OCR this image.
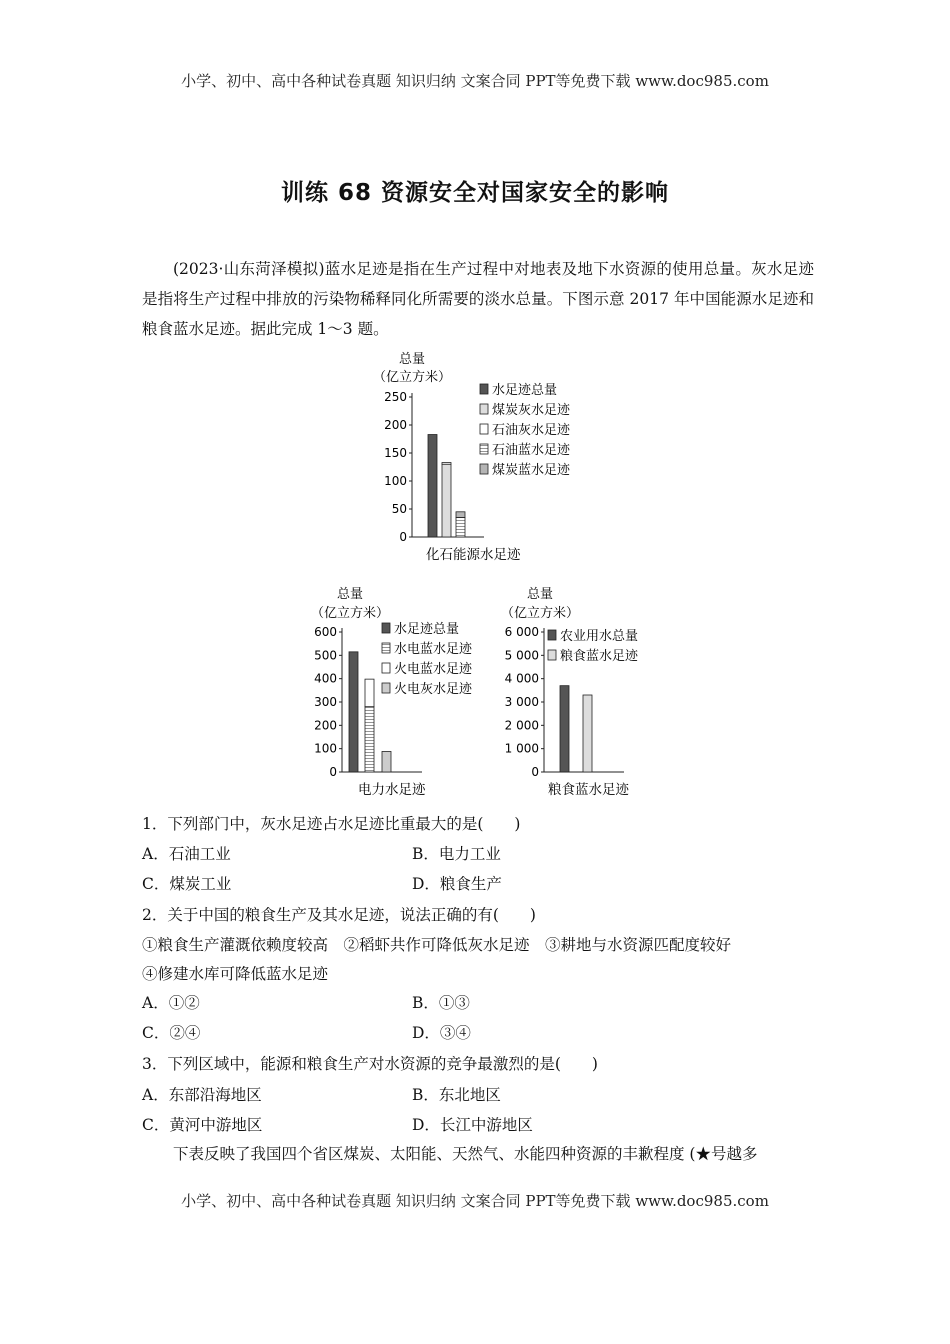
小学、初中、高中各种试卷真题 知识归纳 文案合同 PPT等免费下载 www.doc985.com
训练 68 资源安全对国家安全的影响
(2023·山东菏泽模拟)蓝水足迹是指在生产过程中对地表及地下水资源的使用总量。灰水足迹是指将生产过程中排放的污染物稀释同化所需要的淡水总量。下图示意 2017 年中国能源水足迹和粮食蓝水足迹。据此完成 1～3 题。
总量
（亿立方米）
0
50
100
150
200
250	水足迹总量
煤炭灰水足迹
石油灰水足迹
石油蓝水足迹
煤炭蓝水足迹
化石能源水足迹
总量
（亿立方米）
0
100
200
300
400
500
600	水足迹总量
水电蓝水足迹
火电蓝水足迹
火电灰水足迹
电力水足迹
总量
（亿立方米）
0
1 000
2 000
3 000
4 000
5 000
6 000 农业用水总量
粮食蓝水足迹
粮食蓝水足迹
1．下列部门中，灰水足迹占水足迹比重最大的是(　　)
A．石油工业	B．电力工业
C．煤炭工业	D．粮食生产
2．关于中国的粮食生产及其水足迹，说法正确的有(　　)
①粮食生产灌溉依赖度较高　②稻虾共作可降低灰水足迹　③耕地与水资源匹配度较好
④修建水库可降低蓝水足迹
A．①②	B．①③
C．②④	D．③④
3．下列区域中，能源和粮食生产对水资源的竞争最激烈的是(　　)
A．东部沿海地区	B．东北地区
C．黄河中游地区	D．长江中游地区
下表反映了我国四个省区煤炭、太阳能、天然气、水能四种资源的丰歉程度 (★号越多
小学、初中、高中各种试卷真题 知识归纳 文案合同 PPT等免费下载 www.doc985.com
